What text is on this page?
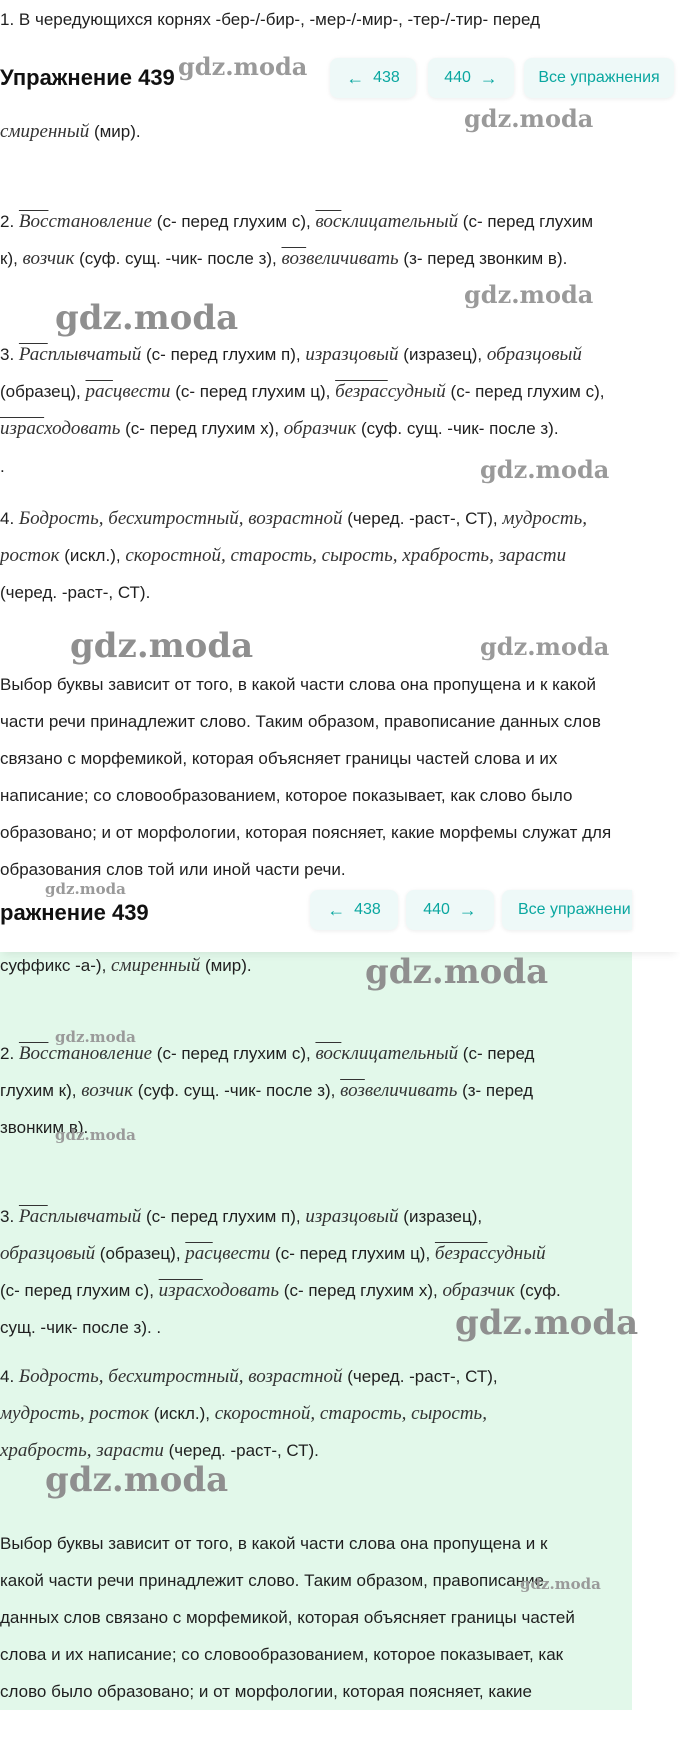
1. В чередующихся корнях -бер-/-бир-, -мер-/-мир-, -тер-/-тир- перед
Упражнение 439	←
438	440
→	Все упражнения
смиренный (мир).
2. Восстановление (с- перед глухим с), восклицательный (с- перед глухим
к), возчик (суф. сущ. -чик- после з), возвеличивать (з- перед звонким в).
3. Расплывчатый (с- перед глухим п), изразцовый (изразец), образцовый
(образец), расцвести (с- перед глухим ц), безрассудный (с- перед глухим с),
израсходовать (с- перед глухим х), образчик (суф. сущ. -чик- после з).
.
4. Бодрость, бесхитростный, возрастной (черед. -раст-, СТ), мудрость,
росток (искл.), скоростной, старость, сырость, храбрость, зарасти
(черед. -раст-, СТ).
Выбор буквы зависит от того, в какой части слова она пропущена и к какой
части речи принадлежит слово. Таким образом, правописание данных слов
связано с морфемикой, которая объясняет границы частей слова и их
написание; со словообразованием, которое показывает, как слово было
образовано; и от морфологии, которая поясняет, какие морфемы служат для
образования слов той или иной части речи.
ражнение 439	←
438	440
→	Все упражнени
суффикс -а-), смиренный (мир).
2. Восстановление (с- перед глухим с), восклицательный (с- перед
глухим к), возчик (суф. сущ. -чик- после з), возвеличивать (з- перед
звонким в).
3. Расплывчатый (с- перед глухим п), изразцовый (изразец),
образцовый (образец), расцвести (с- перед глухим ц), безрассудный
(с- перед глухим с), израсходовать (с- перед глухим х), образчик (суф.
сущ. -чик- после з). .
4. Бодрость, бесхитростный, возрастной (черед. -раст-, СТ),
мудрость, росток (искл.), скоростной, старость, сырость,
храбрость, зарасти (черед. -раст-, СТ).
Выбор буквы зависит от того, в какой части слова она пропущена и к
какой части речи принадлежит слово. Таким образом, правописание
данных слов связано с морфемикой, которая объясняет границы частей
слова и их написание; со словообразованием, которое показывает, как
слово было образовано; и от морфологии, которая поясняет, какие
gdz.moda
gdz.moda
gdz.moda
gdz.moda
gdz.moda
gdz.moda	gdz.moda
gdz.moda
gdz.moda
gdz.moda
gdz.moda
gdz.moda
gdz.moda
gdz.moda
